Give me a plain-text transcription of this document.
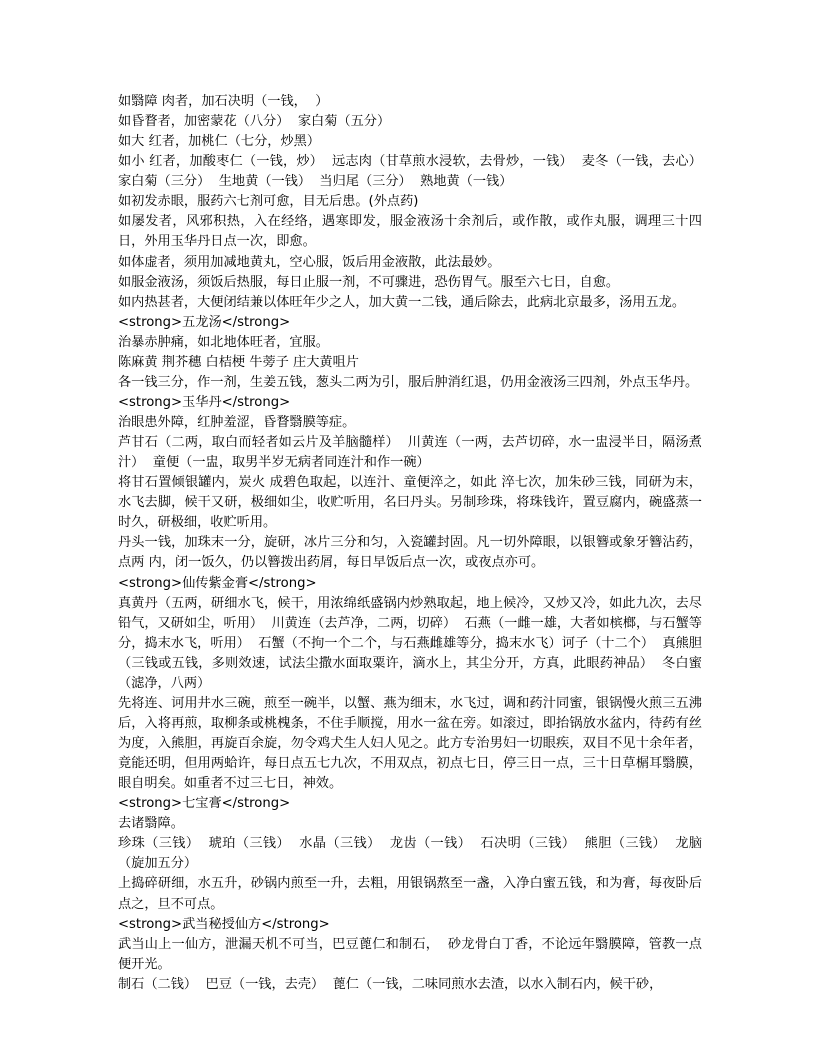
如翳障 肉者，加石决明（一钱，  ）
如昏瞀者，加密蒙花（八分）  家白菊（五分）
如大 红者，加桃仁（七分，炒黑）
如小 红者，加酸枣仁（一钱，炒）  远志肉（甘草煎水浸软，去骨炒，一钱）  麦冬（一钱，去心）  家白菊（三分）  生地黄（一钱）  当归尾（三分）  熟地黄（一钱）
如初发赤眼，服药六七剂可愈，目无后患。(外点药)
如屡发者，风邪积热，入在经络，遇寒即发，服金液汤十余剂后，或作散，或作丸服，调理三十四日，外用玉华丹日点一次，即愈。
如体虚者，须用加减地黄丸，空心服，饭后用金液散，此法最妙。
如服金液汤，须饭后热服，每日止服一剂，不可骤进，恐伤胃气。服至六七日，自愈。
如内热甚者，大便闭结兼以体旺年少之人，加大黄一二钱，通后除去，此病北京最多，汤用五龙。
<strong>五龙汤</strong>
治暴赤肿痛，如北地体旺者，宜服。
陈麻黄 荆芥穗 白桔梗 牛蒡子 庄大黄咀片
各一钱三分，作一剂，生姜五钱，葱头二两为引，服后肿消红退，仍用金液汤三四剂，外点玉华丹。
<strong>玉华丹</strong>
治眼患外障，红肿羞涩，昏瞀翳膜等症。
芦甘石（二两，取白而轻者如云片及羊脑髓样）  川黄连（一两，去芦切碎，水一盅浸半日，隔汤煮汁）  童便（一盅，取男半岁无病者同连汁和作一碗）
将甘石置倾银罐内，炭火 成碧色取起，以连汁、童便淬之，如此 淬七次，加朱砂三钱，同研为末，水飞去脚，候干又研，极细如尘，收贮听用，名曰丹头。另制珍珠，将珠钱许，置豆腐内，碗盛蒸一时久，研极细，收贮听用。
丹头一钱，加珠末一分，旋研，冰片三分和匀，入瓷罐封固。凡一切外障眼，以银簪或象牙簪沾药，点两 内，闭一饭久，仍以簪拨出药屑，每日早饭后点一次，或夜点亦可。
<strong>仙传紫金膏</strong>
真黄丹（五两，研细水飞，候干，用浓绵纸盛锅内炒熟取起，地上候冷，又炒又冷，如此九次，去尽铅气，又研如尘，听用）  川黄连（去芦净，二两，切碎）  石燕（一雌一雄，大者如槟榔，与石蟹等分，捣末水飞，听用）  石蟹（不拘一个二个，与石燕雌雄等分，捣末水飞）诃子（十二个）  真熊胆（三钱或五钱，多则效速，试法尘撒水面取粟许，滴水上，其尘分开，方真，此眼药神品）  冬白蜜（滤净，八两）
先将连、诃用井水三碗，煎至一碗半，以蟹、燕为细末，水飞过，调和药汁同蜜，银锅慢火煎三五沸后，入将再煎，取柳条或桃槐条，不住手顺搅，用水一盆在旁。如滚过，即抬锅放水盆内，待药有丝为度，入熊胆，再旋百余旋，勿令鸡犬生人妇人见之。此方专治男妇一切眼疾，双目不见十余年者，竟能还明，但用两蛤许，每日点五七九次，不用双点，初点七日，停三日一点，三十日草榍耳翳膜，眼自明矣。如重者不过三七日，神效。
<strong>七宝膏</strong>
去诸翳障。
珍珠（三钱）  琥珀（三钱）  水晶（三钱）  龙齿（一钱）  石决明（三钱）  熊胆（三钱）  龙脑（旋加五分）
上捣碎研细，水五升，砂锅内煎至一升，去粗，用银锅熬至一盏，入净白蜜五钱，和为膏，每夜卧后点之，旦不可点。
<strong>武当秘授仙方</strong>
武当山上一仙方，泄漏天机不可当，巴豆蓖仁和制石，  砂龙骨白丁香，不论远年翳膜障，管教一点便开光。
制石（二钱）  巴豆（一钱，去壳）  蓖仁（一钱，二味同煎水去渣，以水入制石内，候干砂，
